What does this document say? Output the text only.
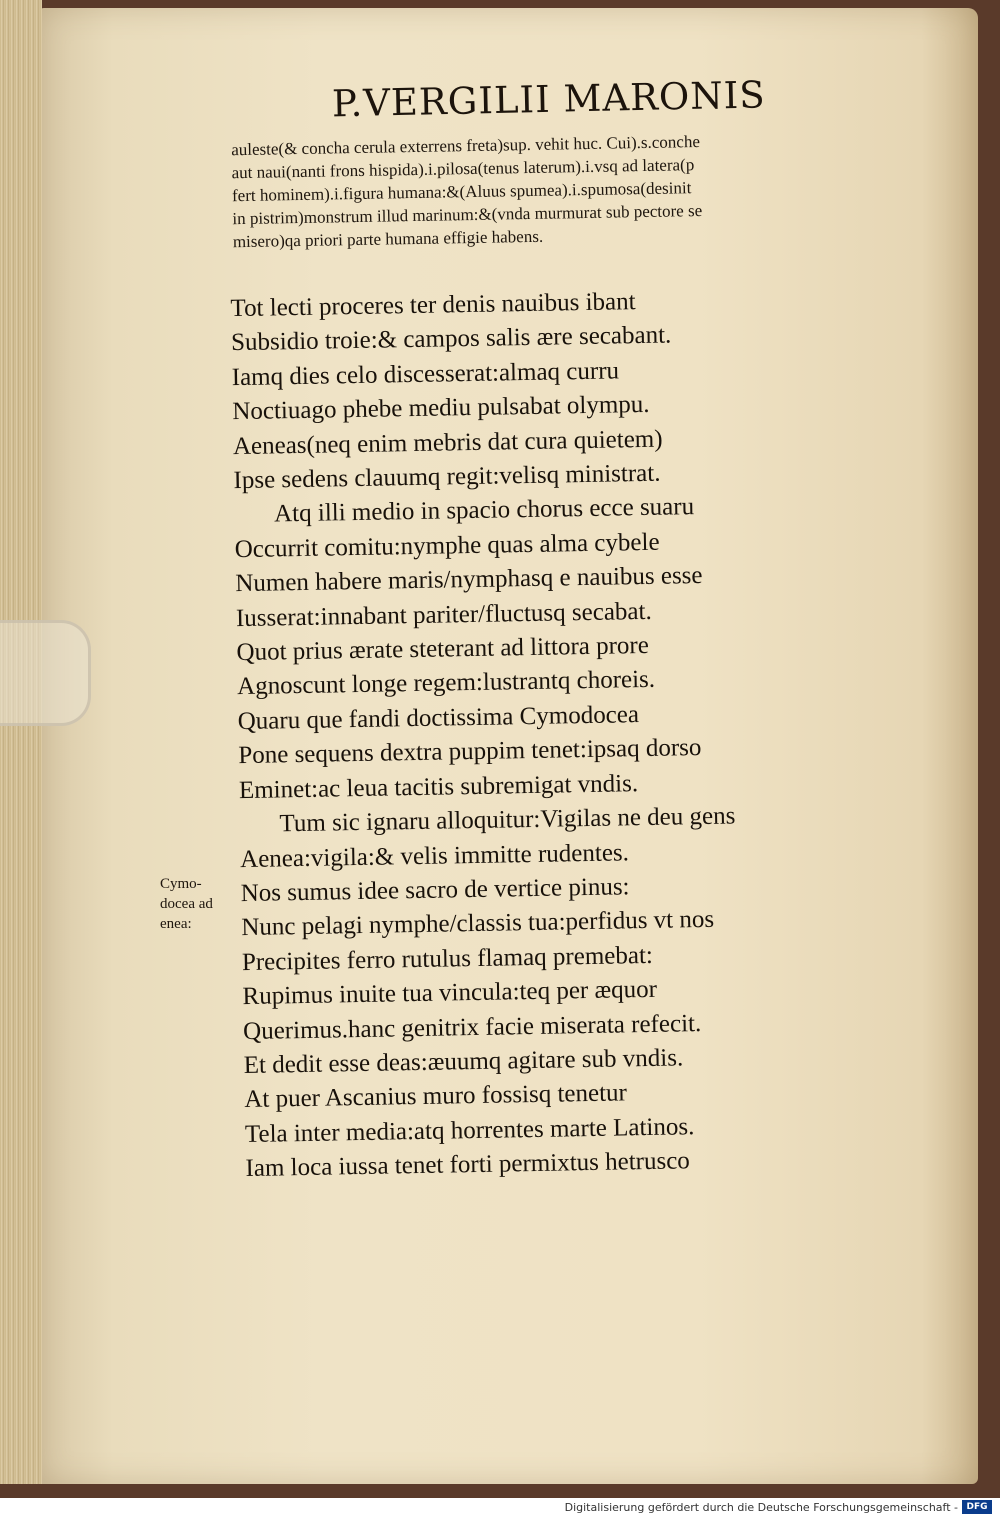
P.VERGILII MARONIS
auleste(& concha cerula exterrens freta)sup. vehit huc. Cui).s.conche
aut naui(nanti frons hispida).i.pilosa(tenus laterum).i.vsq ad latera(p
fert hominem).i.figura humana:&(Aluus spumea).i.spumosa(desinit
in pistrim)monstrum illud marinum:&(vnda murmurat sub pectore se
misero)qa priori parte humana effigie habens.
Tot lecti proceres ter denis nauibus ibant
Subsidio troie:& campos salis ære secabant.
Iamq dies celo discesserat:almaq curru
Noctiuago phebe mediu pulsabat olympu.
Aeneas(neq enim mebris dat cura quietem)
Ipse sedens clauumq regit:velisq ministrat.
Atq illi medio in spacio chorus ecce suaru
Occurrit comitu:nymphe quas alma cybele
Numen habere maris/nymphasq e nauibus esse
Iusserat:innabant pariter/fluctusq secabat.
Quot prius ærate steterant ad littora prore
Agnoscunt longe regem:lustrantq choreis.
Quaru que fandi doctissima Cymodocea
Pone sequens dextra puppim tenet:ipsaq dorso
Eminet:ac leua tacitis subremigat vndis.
Tum sic ignaru alloquitur:Vigilas ne deu gens
Aenea:vigila:& velis immitte rudentes.
Nos sumus idee sacro de vertice pinus:
Nunc pelagi nymphe/classis tua:perfidus vt nos
Precipites ferro rutulus flamaq premebat:
Rupimus inuite tua vincula:teq per æquor
Querimus.hanc genitrix facie miserata refecit.
Et dedit esse deas:æuumq agitare sub vndis.
At puer Ascanius muro fossisq tenetur
Tela inter media:atq horrentes marte Latinos.
Iam loca iussa tenet forti permixtus hetrusco
Cymo-
docea ad
enea:
Digitalisierung gefördert durch die Deutsche Forschungsgemeinschaft - DFG
